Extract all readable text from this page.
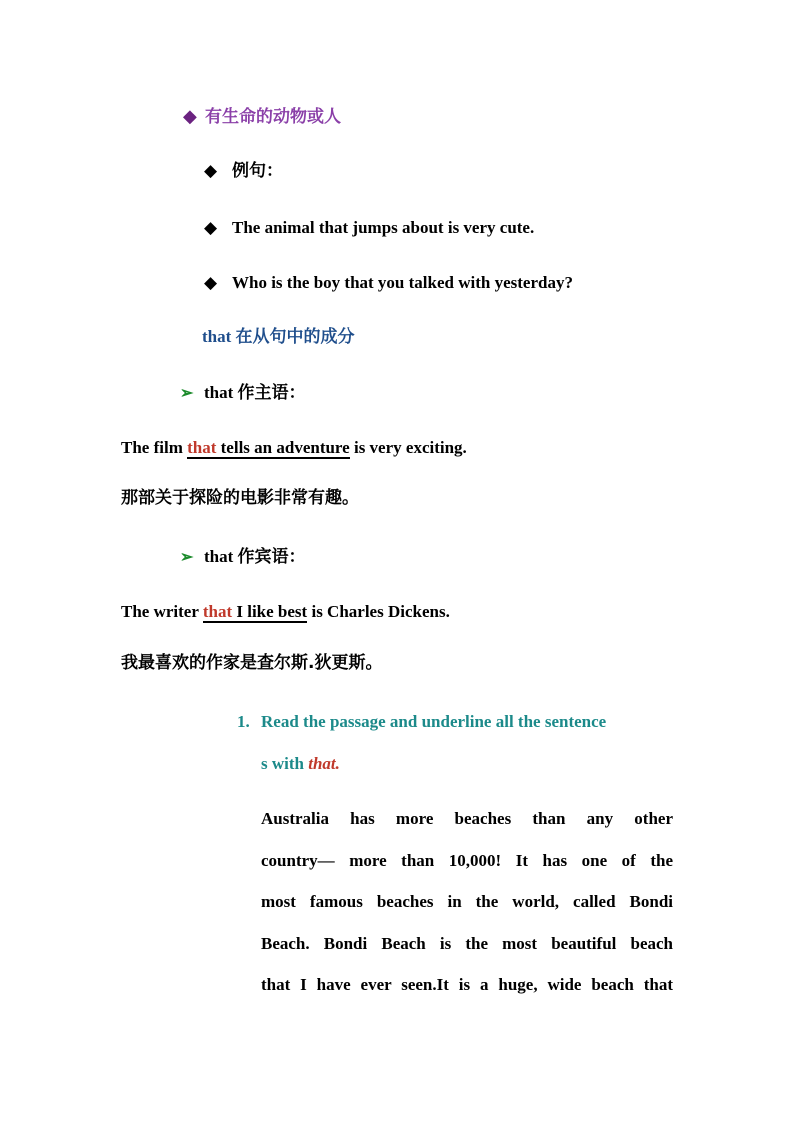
◆ 有生命的动物或人
◆ 例句：
◆ The animal that jumps about is very cute.
◆ Who is the boy that you talked with yesterday?
that 在从句中的成分
➢ that 作主语：
The film that tells an adventure is very exciting.
那部关于探险的电影非常有趣。
➢ that 作宾语：
The writer that I like best is Charles Dickens.
我最喜欢的作家是查尔斯.狄更斯。
1. Read the passage and underline all the sentence
s with that.
Australia has more beaches than any other
country— more than 10,000! It has one of the
most famous beaches in the world, called Bondi
Beach. Bondi Beach is the most beautiful beach
that I have ever seen.It is a huge, wide beach that
